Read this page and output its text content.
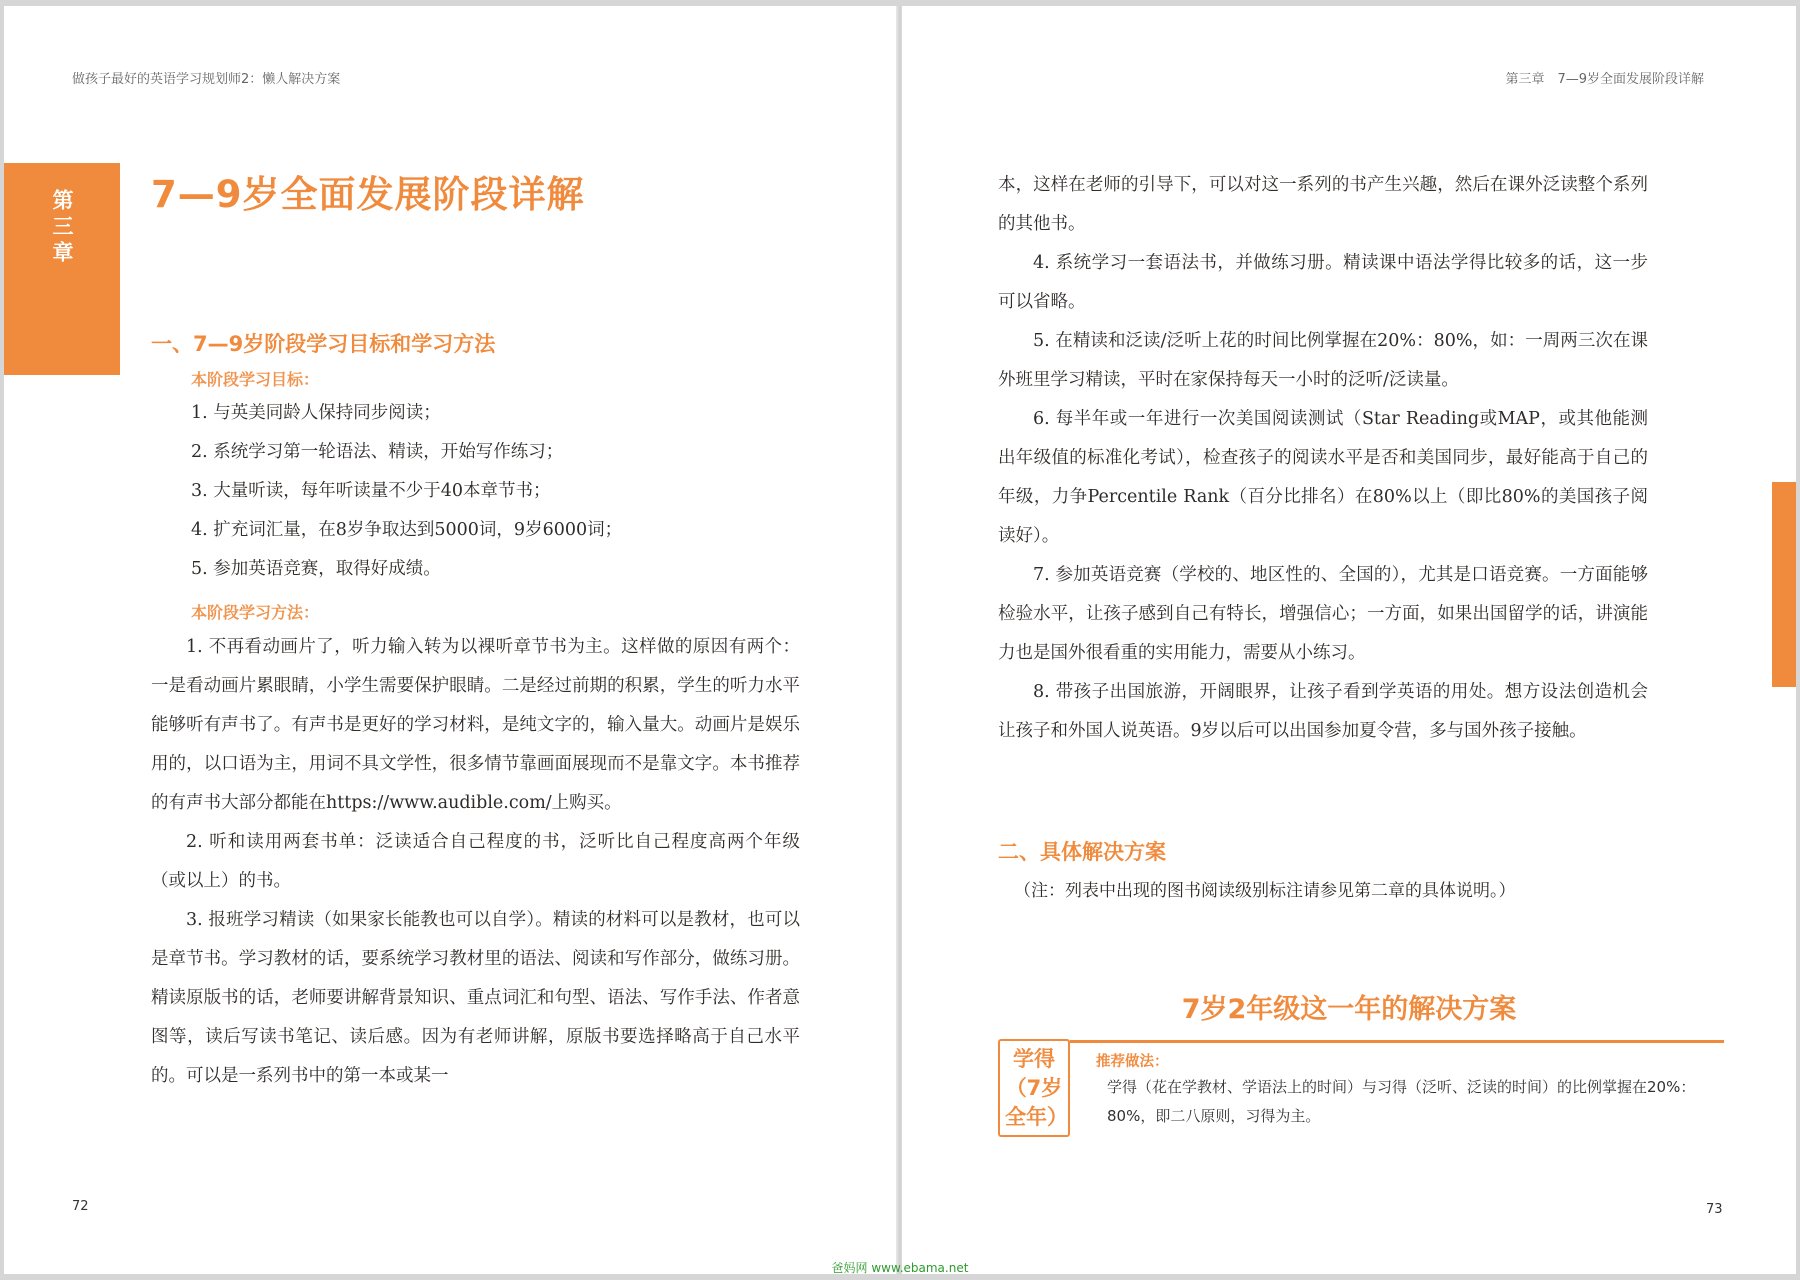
做孩子最好的英语学习规划师2：懒人解决方案
第三章 7—9岁全面发展阶段详解
一、7—9岁阶段学习目标和学习方法
本阶段学习目标：
1. 与英美同龄人保持同步阅读；
2. 系统学习第一轮语法、精读，开始写作练习；
3. 大量听读，每年听读量不少于40本章节书；
4. 扩充词汇量，在8岁争取达到5000词，9岁6000词；
5. 参加英语竞赛，取得好成绩。
本阶段学习方法：

1. 不再看动画片了，听力输入转为以裸听章节书为主。这样做的原因有两个：一是看动画片累眼睛，小学生需要保护眼睛。二是经过前期的积累，学生的听力水平能够听有声书了。有声书是更好的学习材料，是纯文字的，输入量大。动画片是娱乐用的，以口语为主，用词不具文学性，很多情节靠画面展现而不是靠文字。本书推荐的有声书大部分都能在https://www.audible.com/上购买。

2. 听和读用两套书单：泛读适合自己程度的书，泛听比自己程度高两个年级（或以上）的书。

3. 报班学习精读（如果家长能教也可以自学）。精读的材料可以是教材，也可以是章节书。学习教材的话，要系统学习教材里的语法、阅读和写作部分，做练习册。精读原版书的话，老师要讲解背景知识、重点词汇和句型、语法、写作手法、作者意图等，读后写读书笔记、读后感。因为有老师讲解，原版书要选择略高于自己水平的。可以是一系列书中的第一本或某一

72
第三章　7—9岁全面发展阶段详解

本，这样在老师的引导下，可以对这一系列的书产生兴趣，然后在课外泛读整个系列的其他书。

4. 系统学习一套语法书，并做练习册。精读课中语法学得比较多的话，这一步可以省略。

5. 在精读和泛读/泛听上花的时间比例掌握在20%：80%，如：一周两三次在课外班里学习精读，平时在家保持每天一小时的泛听/泛读量。

6. 每半年或一年进行一次美国阅读测试（Star Reading或MAP，或其他能测出年级值的标准化考试），检查孩子的阅读水平是否和美国同步，最好能高于自己的年级，力争Percentile Rank（百分比排名）在80%以上（即比80%的美国孩子阅读好）。

7. 参加英语竞赛（学校的、地区性的、全国的），尤其是口语竞赛。一方面能够检验水平，让孩子感到自己有特长，增强信心；一方面，如果出国留学的话，讲演能力也是国外很看重的实用能力，需要从小练习。

8. 带孩子出国旅游，开阔眼界，让孩子看到学英语的用处。想方设法创造机会让孩子和外国人说英语。9岁以后可以出国参加夏令营，多与国外孩子接触。

二、具体解决方案
（注：列表中出现的图书阅读级别标注请参见第二章的具体说明。）
7岁2年级这一年的解决方案
学得（7岁全年）
推荐做法：
学得（花在学教材、学语法上的时间）与习得（泛听、泛读的时间）的比例掌握在20%：80%，即二八原则，习得为主。
73
爸妈网 www.ebama.net
